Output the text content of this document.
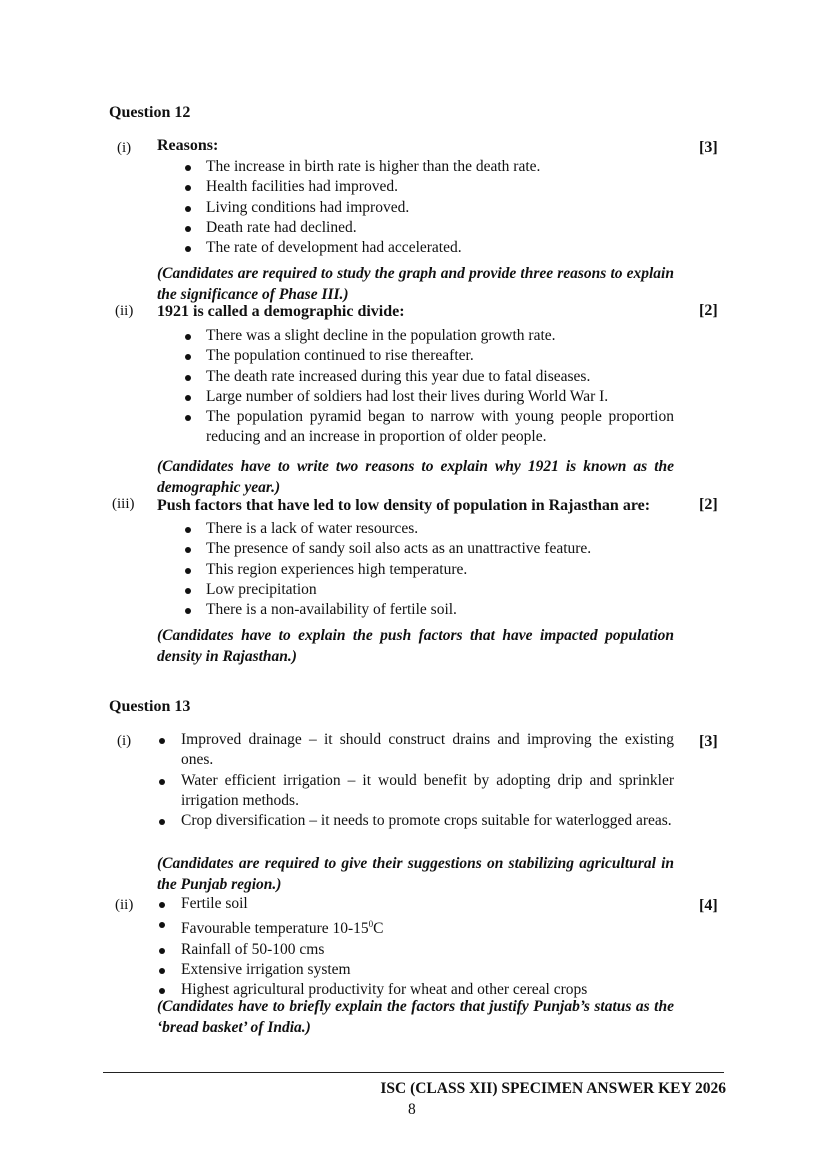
Question 12
(i) Reasons:	[3]
The increase in birth rate is higher than the death rate.
Health facilities had improved.
Living conditions had improved.
Death rate had declined.
The rate of development had accelerated.
(Candidates are required to study the graph and provide three reasons to explain the significance of Phase III.)
(ii) 1921 is called a demographic divide:	[2]
There was a slight decline in the population growth rate.
The population continued to rise thereafter.
The death rate increased during this year due to fatal diseases.
Large number of soldiers had lost their lives during World War I.
The population pyramid began to narrow with young people proportion reducing and an increase in proportion of older people.
(Candidates have to write two reasons to explain why 1921 is known as the demographic year.)
(iii) Push factors that have led to low density of population in Rajasthan are:	[2]
There is a lack of water resources.
The presence of sandy soil also acts as an unattractive feature.
This region experiences high temperature.
Low precipitation
There is a non-availability of fertile soil.
(Candidates have to explain the push factors that have impacted population density in Rajasthan.)
Question 13
(i)	[3]
Improved drainage – it should construct drains and improving the existing ones.
Water efficient irrigation – it would benefit by adopting drip and sprinkler irrigation methods.
Crop diversification – it needs to promote crops suitable for waterlogged areas.
(Candidates are required to give their suggestions on stabilizing agricultural in the Punjab region.)
(ii)	[4]
Fertile soil
Favourable temperature $10-15^0C$
Rainfall of 50-100 cms
Extensive irrigation system
Highest agricultural productivity for wheat and other cereal crops
(Candidates have to briefly explain the factors that justify Punjab’s status as the ‘bread basket’ of India.)
ISC (CLASS XII) SPECIMEN ANSWER KEY 2026
8
